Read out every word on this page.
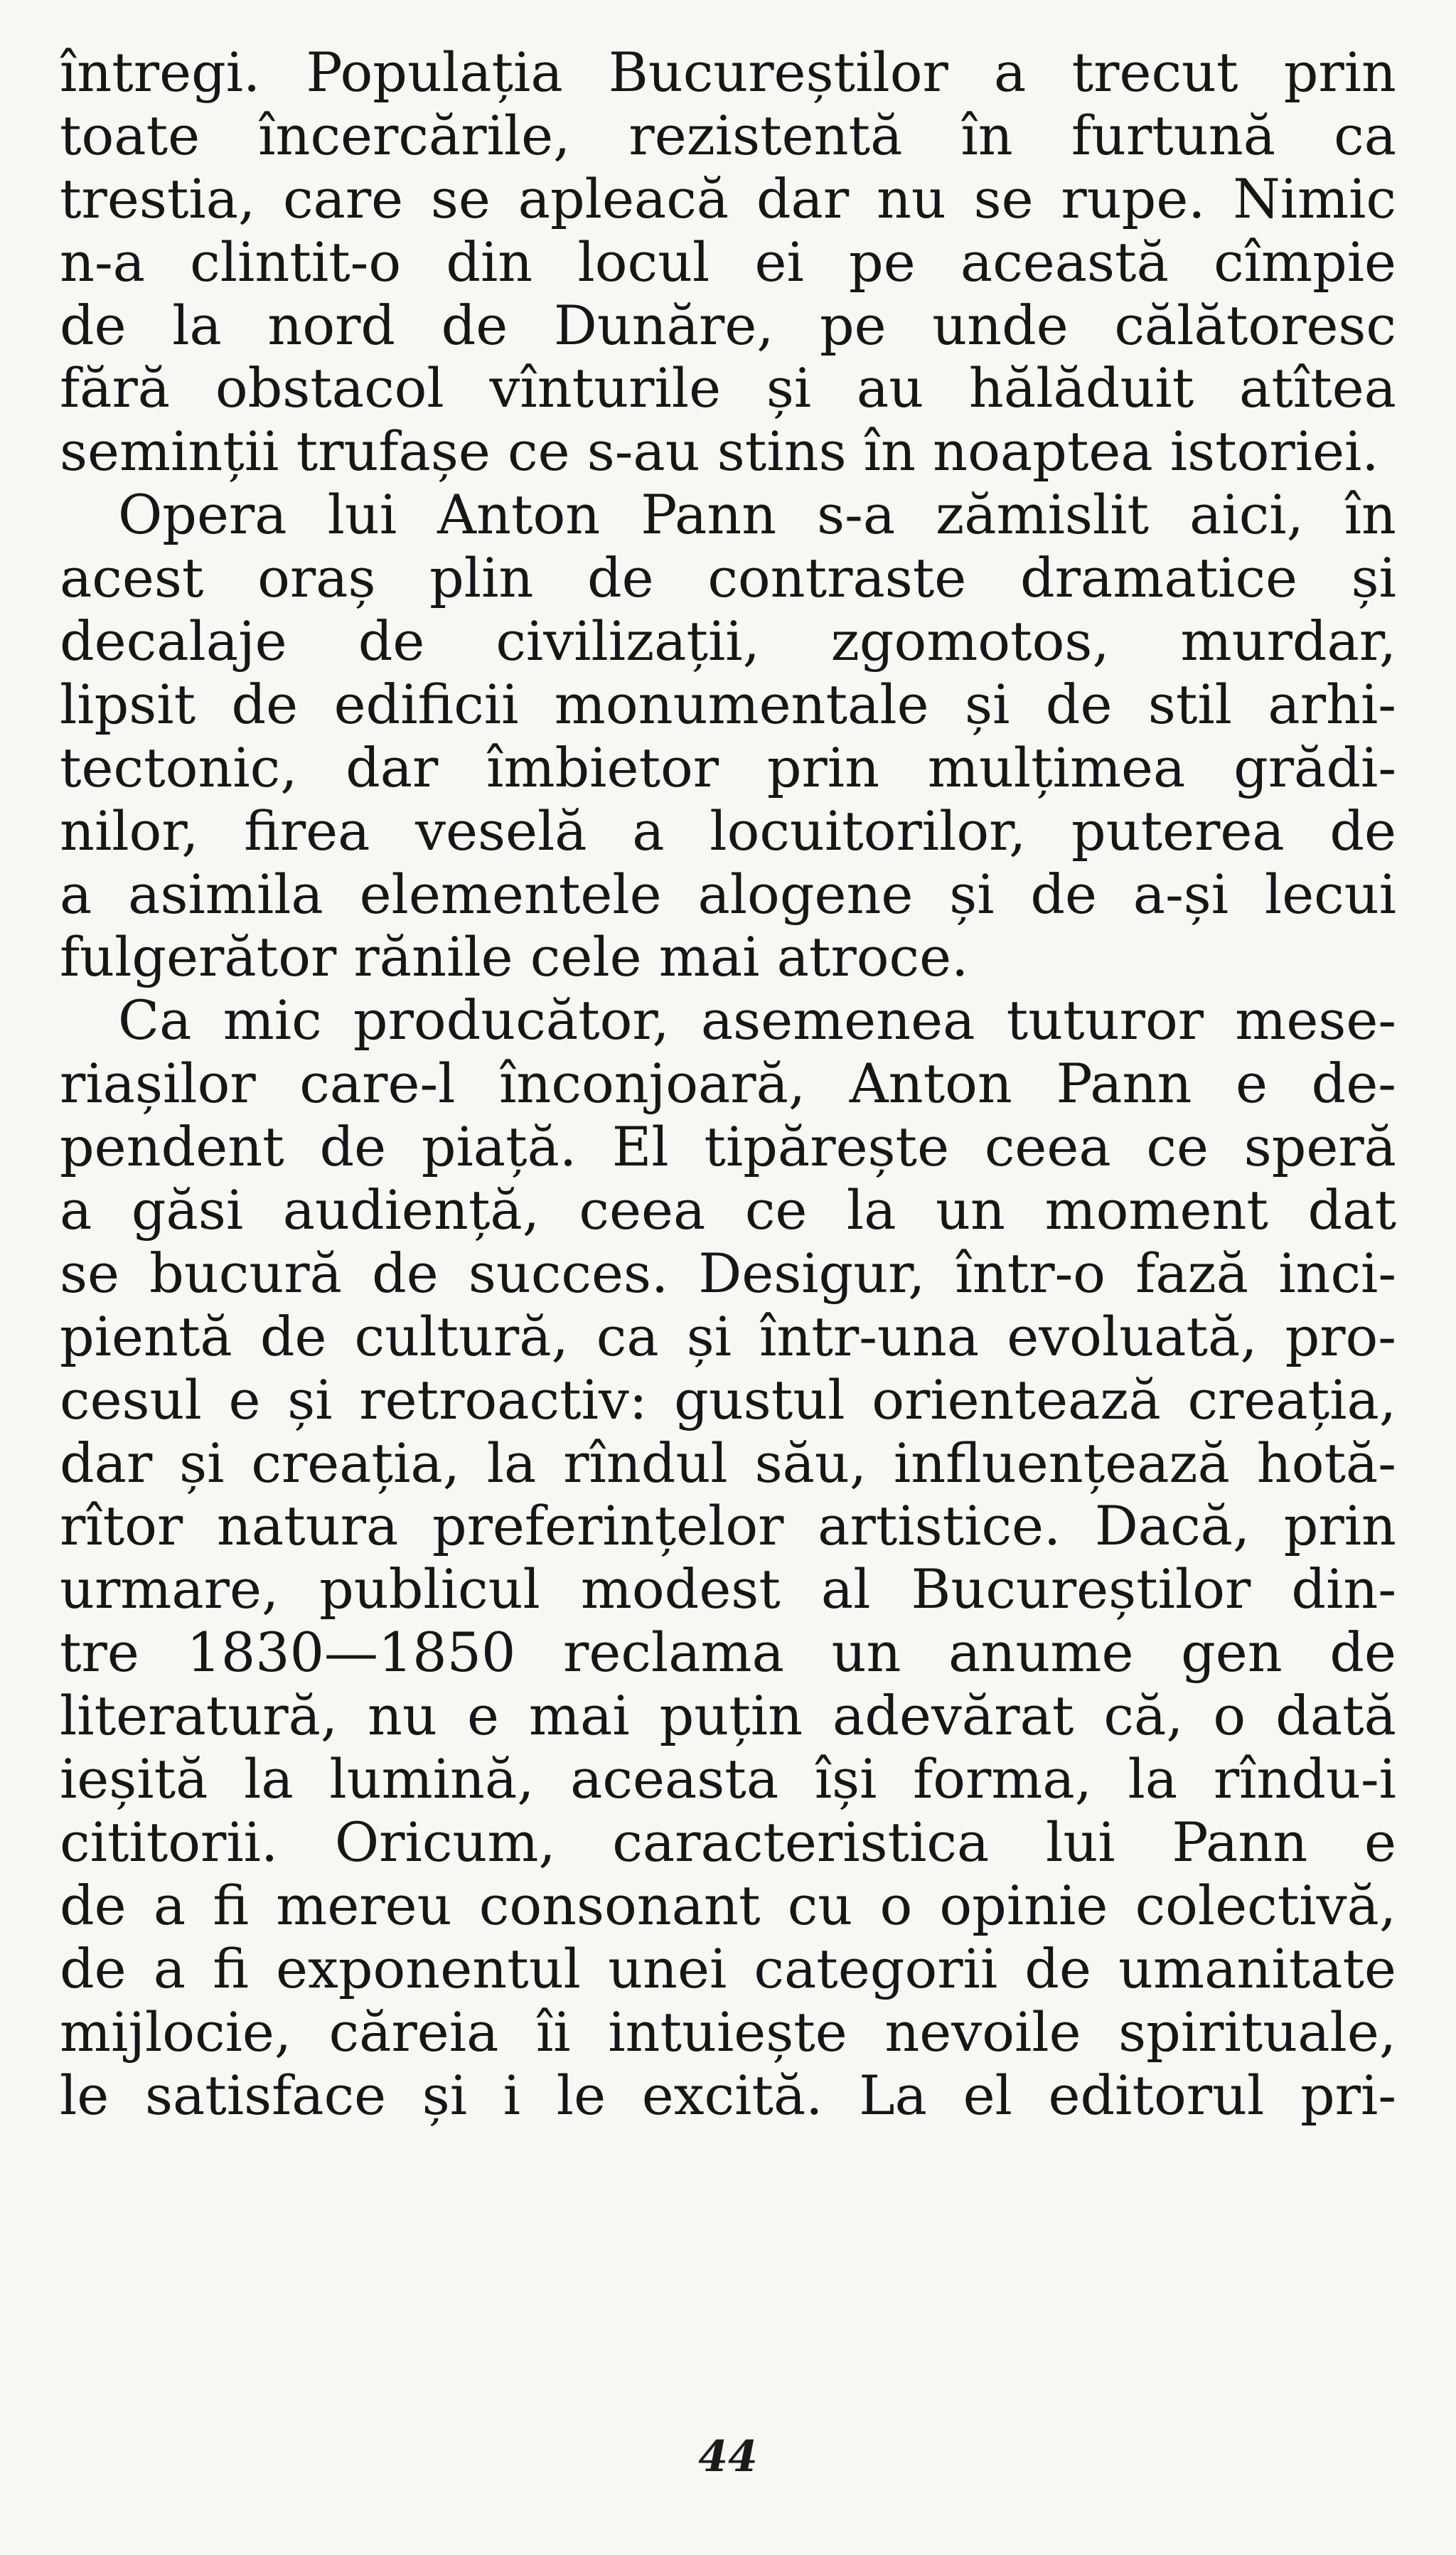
întregi. Populația Bucureștilor a trecut prin
toate încercările, rezistentă în furtună ca
trestia, care se apleacă dar nu se rupe. Nimic
n-a clintit-o din locul ei pe această cîmpie
de la nord de Dunăre, pe unde călătoresc
fără obstacol vînturile și au hălăduit atîtea
seminții trufașe ce s-au stins în noaptea istoriei.
Opera lui Anton Pann s-a zămislit aici, în
acest oraș plin de contraste dramatice și
decalaje de civilizații, zgomotos, murdar,
lipsit de edificii monumentale și de stil arhi-
tectonic, dar îmbietor prin mulțimea grădi-
nilor, firea veselă a locuitorilor, puterea de
a asimila elementele alogene și de a-și lecui
fulgerător rănile cele mai atroce.
Ca mic producător, asemenea tuturor mese-
riașilor care-l înconjoară, Anton Pann e de-
pendent de piață. El tipărește ceea ce speră
a găsi audiență, ceea ce la un moment dat
se bucură de succes. Desigur, într-o fază inci-
pientă de cultură, ca și într-una evoluată, pro-
cesul e și retroactiv: gustul orientează creația,
dar și creația, la rîndul său, influențează hotă-
rîtor natura preferințelor artistice. Dacă, prin
urmare, publicul modest al Bucureștilor din-
tre 1830—1850 reclama un anume gen de
literatură, nu e mai puțin adevărat că, o dată
ieșită la lumină, aceasta își forma, la rîndu-i
cititorii. Oricum, caracteristica lui Pann e
de a fi mereu consonant cu o opinie colectivă,
de a fi exponentul unei categorii de umanitate
mijlocie, căreia îi intuiește nevoile spirituale,
le satisface și i le excită. La el editorul pri-
44
